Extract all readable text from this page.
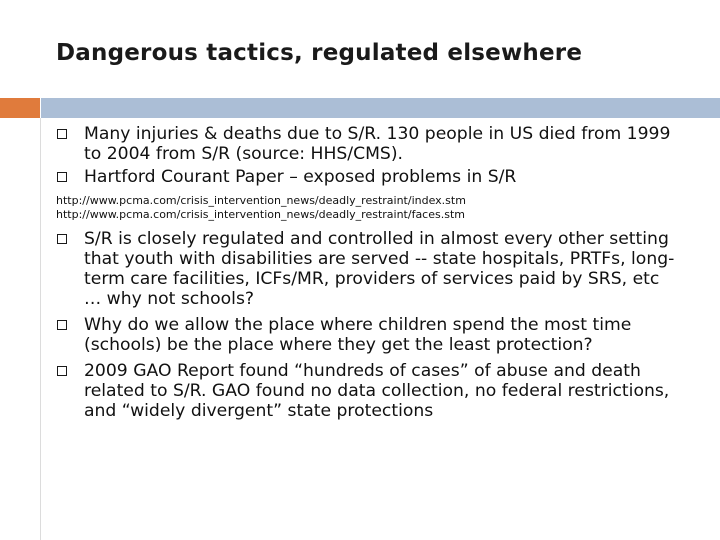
Dangerous tactics, regulated elsewhere
Many injuries & deaths due to S/R. 130 people in US died from 1999 to 2004 from S/R (source: HHS/CMS).
Hartford Courant Paper – exposed problems in S/R
http://www.pcma.com/crisis_intervention_news/deadly_restraint/index.stm
http://www.pcma.com/crisis_intervention_news/deadly_restraint/faces.stm
S/R is closely regulated and controlled in almost every other setting that youth with disabilities are served -- state hospitals, PRTFs, long-term care facilities, ICFs/MR, providers of services paid by SRS, etc … why not schools?
Why do we allow the place where children spend the most time (schools) be the place where they get the least protection?
2009 GAO Report found “hundreds of cases” of abuse and death related to S/R. GAO found no data collection, no federal restrictions, and “widely divergent” state protections
